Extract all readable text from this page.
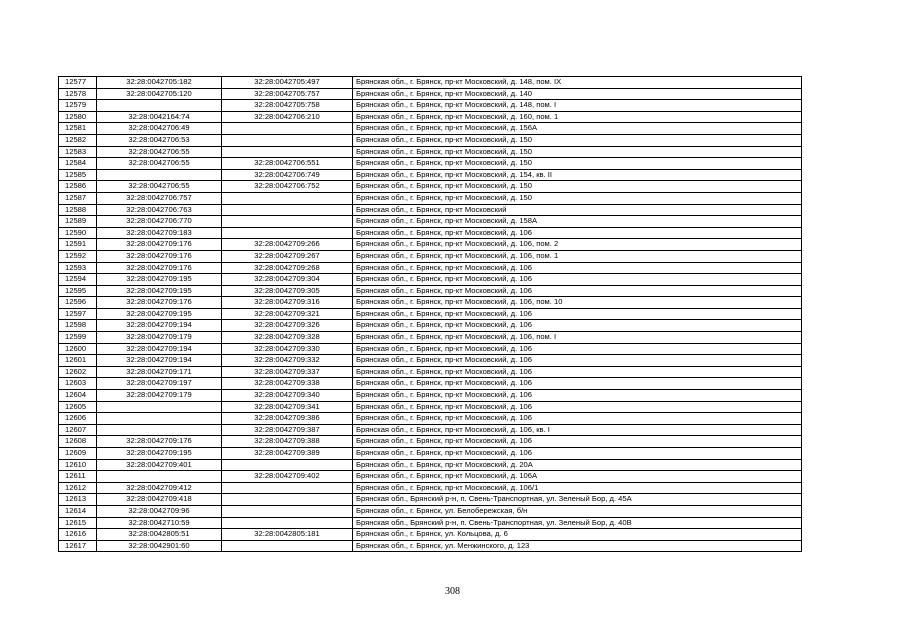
12577	32:28:0042705:182	32:28:0042705:497	Брянская обл., г. Брянск, пр-кт Московский, д. 148, пом. IX
12578	32:28:0042705:120	32:28:0042705:757	Брянская обл., г. Брянск, пр-кт Московский, д. 140
12579		32:28:0042705:758	Брянская обл., г. Брянск, пр-кт Московский, д. 148, пом. I
12580	32:28:0042164:74	32:28:0042706:210	Брянская обл., г. Брянск, пр-кт Московский, д. 160, пом. 1
12581	32:28:0042706:49		Брянская обл., г. Брянск, пр-кт Московский, д. 156А
12582	32:28:0042706:53		Брянская обл., г. Брянск, пр-кт Московский, д. 150
12583	32:28:0042706:55		Брянская обл., г. Брянск, пр-кт Московский, д. 150
12584	32:28:0042706:55	32:28:0042706:551	Брянская обл., г. Брянск, пр-кт Московский, д. 150
12585		32:28:0042706:749	Брянская обл., г. Брянск, пр-кт Московский, д. 154, кв. II
12586	32:28:0042706:55	32:28:0042706:752	Брянская обл., г. Брянск, пр-кт Московский, д. 150
12587	32:28:0042706:757		Брянская обл., г. Брянск, пр-кт Московский, д. 150
12588	32:28:0042706:763		Брянская обл., г. Брянск, пр-кт Московский
12589	32:28:0042706:770		Брянская обл., г. Брянск, пр-кт Московский, д. 158А
12590	32:28:0042709:183		Брянская обл., г. Брянск, пр-кт Московский, д. 106
12591	32:28:0042709:176	32:28:0042709:266	Брянская обл., г. Брянск, пр-кт Московский, д. 106, пом. 2
12592	32:28:0042709:176	32:28:0042709:267	Брянская обл., г. Брянск, пр-кт Московский, д. 106, пом. 1
12593	32:28:0042709:176	32:28:0042709:268	Брянская обл., г. Брянск, пр-кт Московский, д. 106
12594	32:28:0042709:195	32:28:0042709:304	Брянская обл., г. Брянск, пр-кт Московский, д. 106
12595	32:28:0042709:195	32:28:0042709:305	Брянская обл., г. Брянск, пр-кт Московский, д. 106
12596	32:28:0042709:176	32:28:0042709:316	Брянская обл., г. Брянск, пр-кт Московский, д. 106, пом. 10
12597	32:28:0042709:195	32:28:0042709:321	Брянская обл., г. Брянск, пр-кт Московский, д. 106
12598	32:28:0042709:194	32:28:0042709:326	Брянская обл., г. Брянск, пр-кт Московский, д. 106
12599	32:28:0042709:179	32:28:0042709:328	Брянская обл., г. Брянск, пр-кт Московский, д. 106, пом. I
12600	32:28:0042709:194	32:28:0042709:330	Брянская обл., г. Брянск, пр-кт Московский, д. 106
12601	32:28:0042709:194	32:28:0042709:332	Брянская обл., г. Брянск, пр-кт Московский, д. 106
12602	32:28:0042709:171	32:28:0042709:337	Брянская обл., г. Брянск, пр-кт Московский, д. 106
12603	32:28:0042709:197	32:28:0042709:338	Брянская обл., г. Брянск, пр-кт Московский, д. 106
12604	32:28:0042709:179	32:28:0042709:340	Брянская обл., г. Брянск, пр-кт Московский, д. 106
12605		32:28:0042709:341	Брянская обл., г. Брянск, пр-кт Московский, д. 106
12606		32:28:0042709:386	Брянская обл., г. Брянск, пр-кт Московский, д. 106
12607		32:28:0042709:387	Брянская обл., г. Брянск, пр-кт Московский, д. 106, кв. I
12608	32:28:0042709:176	32:28:0042709:388	Брянская обл., г. Брянск, пр-кт Московский, д. 106
12609	32:28:0042709:195	32:28:0042709:389	Брянская обл., г. Брянск, пр-кт Московский, д. 106
12610	32:28:0042709:401		Брянская обл., г. Брянск, пр-кт Московский, д. 20А
12611		32:28:0042709:402	Брянская обл., г. Брянск, пр-кт Московский, д. 106А
12612	32:28:0042709:412		Брянская обл., г. Брянск, пр-кт Московский, д. 106/1
12613	32:28:0042709:418		Брянская обл., Брянский р-н, п. Свень-Транспортная, ул. Зеленый Бор, д. 45А
12614	32:28:0042709:96		Брянская обл., г. Брянск, ул. Белобережская, б/н
12615	32:28:0042710:59		Брянская обл., Брянский р-н, п. Свень-Транспортная, ул. Зеленый Бор, д. 40В
12616	32:28:0042805:51	32:28:0042805:181	Брянская обл., г. Брянск, ул. Кольцова, д. 6
12617	32:28:0042901:60		Брянская обл., г. Брянск, ул. Менжинского, д. 123
308
